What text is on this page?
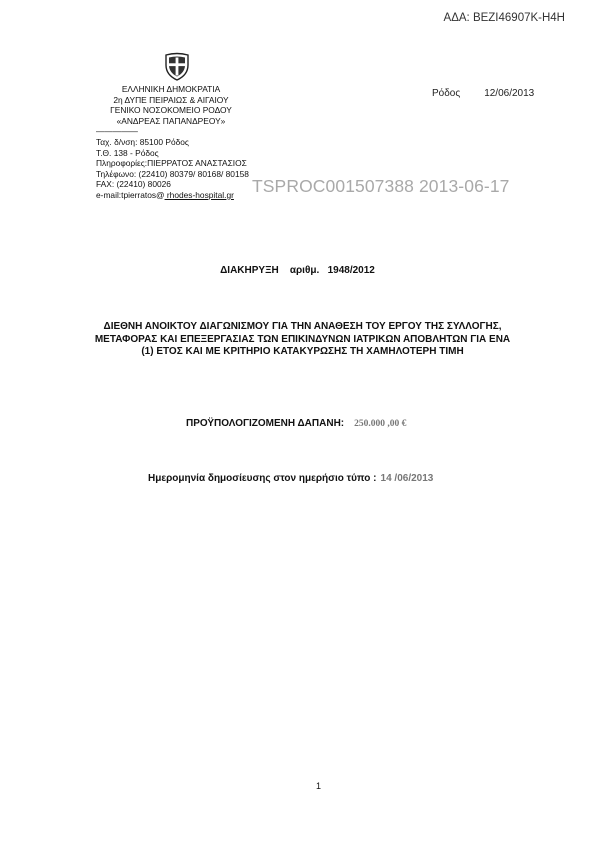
ΑΔΑ: ΒΕΖΙ46907Κ-Η4Η
ΕΛΛΗΝΙΚΗ ΔΗΜΟΚΡΑΤΙΑ
2η ΔΥΠΕ ΠΕΙΡΑΙΩΣ & ΑΙΓΑΙΟΥ
ΓΕΝΙΚΟ ΝΟΣΟΚΟΜΕΙΟ ΡΟΔΟΥ
«ΑΝΔΡΕΑΣ ΠΑΠΑΝΔΡΕΟΥ»
―――――
Ταχ. δ/νση: 85100 Ρόδος
Τ.Θ. 138 - Ρόδος
Πληροφορίες:ΠΙΕΡΡΑΤΟΣ ΑΝΑΣΤΑΣΙΟΣ
Τηλέφωνο: (22410) 80379/ 80168/ 80158
FAX: (22410) 80026
e-mail:tpierratos@ rhodes-hospital.gr
Ρόδος 12/06/2013
TSPROC001507388 2013-06-17
ΔΙΑΚΗΡΥΞΗ    αριθμ.   1948/2012
ΔΙΕΘΝΗ ΑΝΟΙΚΤΟΥ ΔΙΑΓΩΝΙΣΜΟΥ ΓΙΑ ΤΗΝ ΑΝΑΘΕΣΗ ΤΟΥ ΕΡΓΟΥ ΤΗΣ ΣΥΛΛΟΓΗΣ, ΜΕΤΑΦΟΡΑΣ ΚΑΙ ΕΠΕΞΕΡΓΑΣΙΑΣ ΤΩΝ ΕΠΙΚΙΝΔΥΝΩΝ ΙΑΤΡΙΚΩΝ ΑΠΟΒΛΗΤΩΝ ΓΙΑ ΕΝΑ (1) ΕΤΟΣ ΚΑΙ ΜΕ ΚΡΙΤΗΡΙΟ ΚΑΤΑΚΥΡΩΣΗΣ ΤΗ ΧΑΜΗΛΟΤΕΡΗ ΤΙΜΗ
ΠΡΟΫΠΟΛΟΓΙΖΟΜΕΝΗ ΔΑΠΑΝΗ: 250.000 ,00 €
Ημερομηνία δημοσίευσης στον ημερήσιο τύπο : 14 /06/2013
1
